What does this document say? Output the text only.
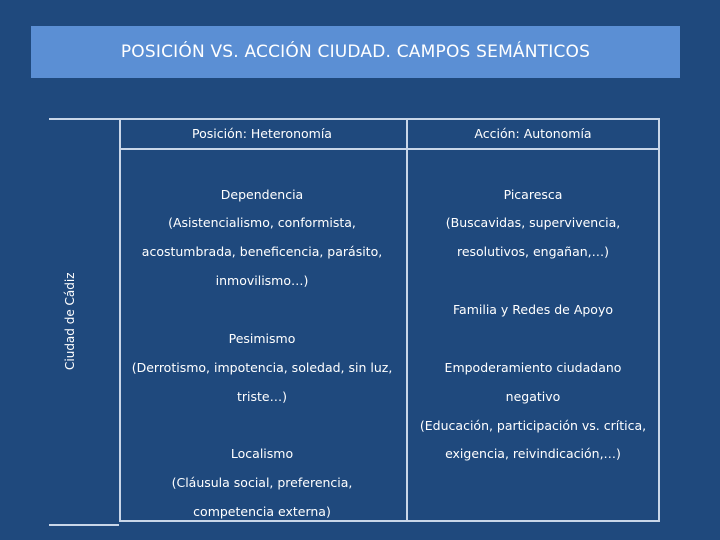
POSICIÓN VS. ACCIÓN CIUDAD. CAMPOS SEMÁNTICOS
Ciudad de Cádiz
Posición: Heteronomía	Acción: Autonomía
Dependencia
(Asistencialismo, conformista,
acostumbrada, beneficencia, parásito,
inmovilismo…)
Pesimismo
(Derrotismo, impotencia, soledad, sin luz,
triste…)
Localismo
(Cláusula social, preferencia,
competencia externa)
Picaresca
(Buscavidas, supervivencia,
resolutivos, engañan,…)
Familia y Redes de Apoyo
Empoderamiento ciudadano
negativo
(Educación, participación vs. crítica,
exigencia, reivindicación,…)
